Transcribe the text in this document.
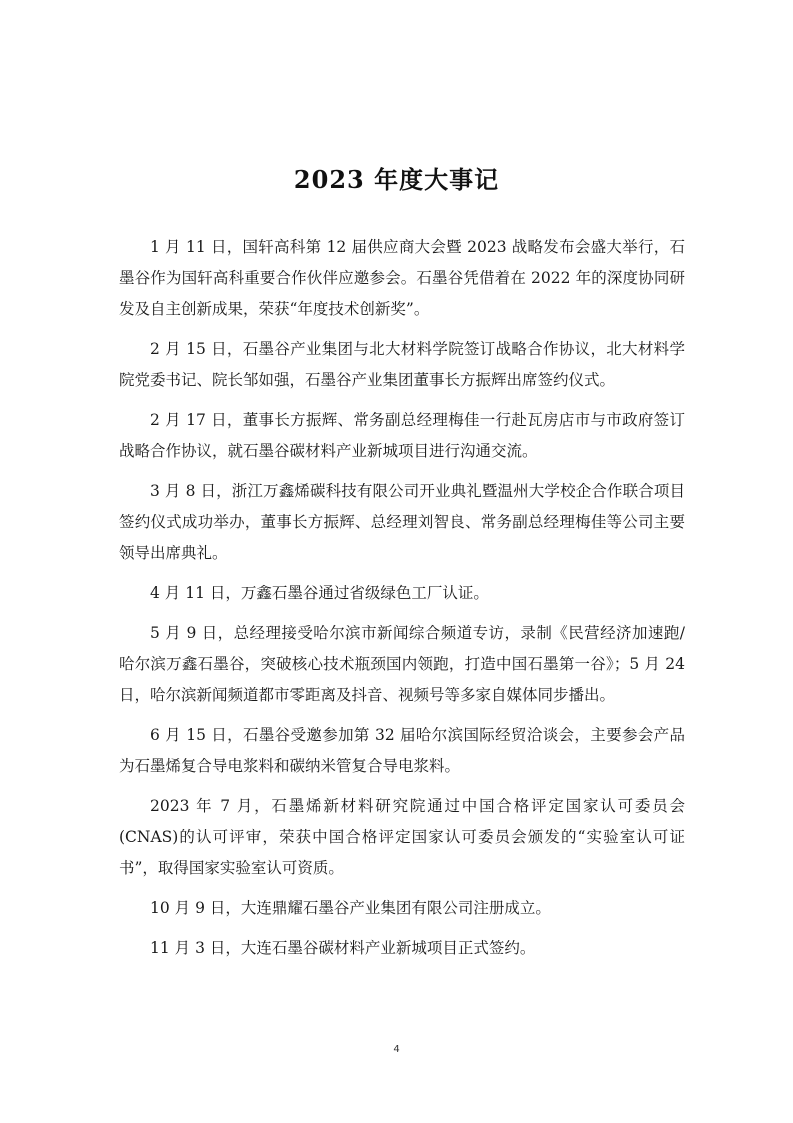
2023 年度大事记

1 月 11 日，国轩高科第 12 届供应商大会暨 2023 战略发布会盛大举行，石墨谷作为国轩高科重要合作伙伴应邀参会。石墨谷凭借着在 2022 年的深度协同研发及自主创新成果，荣获“年度技术创新奖”。

2 月 15 日，石墨谷产业集团与北大材料学院签订战略合作协议，北大材料学院党委书记、院长邹如强，石墨谷产业集团董事长方振辉出席签约仪式。

2 月 17 日，董事长方振辉、常务副总经理梅佳一行赴瓦房店市与市政府签订战略合作协议，就石墨谷碳材料产业新城项目进行沟通交流。

3 月 8 日，浙江万鑫烯碳科技有限公司开业典礼暨温州大学校企合作联合项目签约仪式成功举办，董事长方振辉、总经理刘智良、常务副总经理梅佳等公司主要领导出席典礼。

4 月 11 日，万鑫石墨谷通过省级绿色工厂认证。

5 月 9 日，总经理接受哈尔滨市新闻综合频道专访，录制《民营经济加速跑/哈尔滨万鑫石墨谷，突破核心技术瓶颈国内领跑，打造中国石墨第一谷》；5 月 24 日，哈尔滨新闻频道都市零距离及抖音、视频号等多家自媒体同步播出。

6 月 15 日，石墨谷受邀参加第 32 届哈尔滨国际经贸洽谈会，主要参会产品为石墨烯复合导电浆料和碳纳米管复合导电浆料。

2023 年 7 月，石墨烯新材料研究院通过中国合格评定国家认可委员会(CNAS)的认可评审，荣获中国合格评定国家认可委员会颁发的“实验室认可证书”，取得国家实验室认可资质。

10 月 9 日，大连鼎耀石墨谷产业集团有限公司注册成立。

11 月 3 日，大连石墨谷碳材料产业新城项目正式签约。

4
